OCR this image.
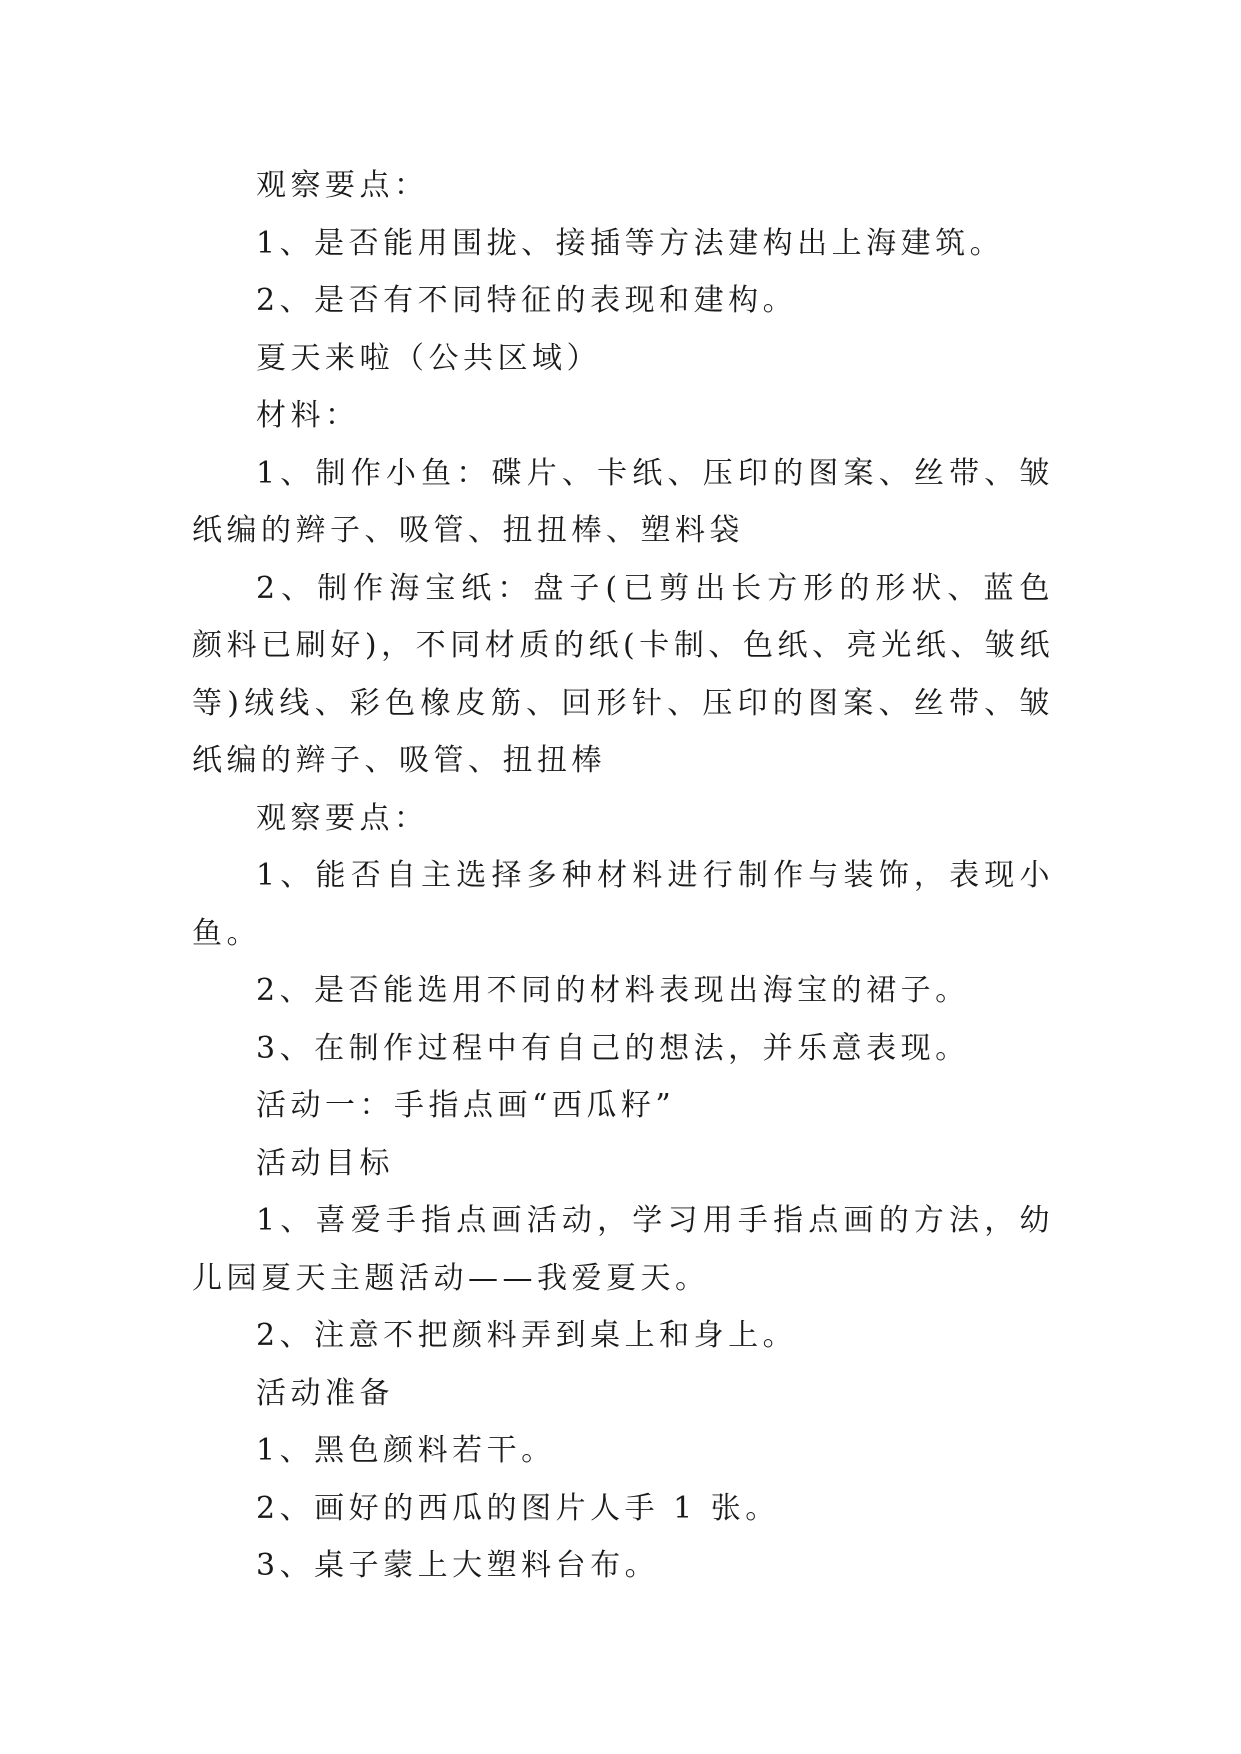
观察要点：

1、是否能用围拢、接插等方法建构出上海建筑。

2、是否有不同特征的表现和建构。

夏天来啦（公共区域）

材料：

1、制作小鱼：碟片、卡纸、压印的图案、丝带、皱纸编的辫子、吸管、扭扭棒、塑料袋

2、制作海宝纸：盘子(已剪出长方形的形状、蓝色颜料已刷好)，不同材质的纸(卡制、色纸、亮光纸、皱纸等)绒线、彩色橡皮筋、回形针、压印的图案、丝带、皱纸编的辫子、吸管、扭扭棒

观察要点：

1、能否自主选择多种材料进行制作与装饰，表现小鱼。

2、是否能选用不同的材料表现出海宝的裙子。

3、在制作过程中有自己的想法，并乐意表现。

活动一：手指点画“西瓜籽”

活动目标

1、喜爱手指点画活动，学习用手指点画的方法，幼儿园夏天主题活动——我爱夏天。

2、注意不把颜料弄到桌上和身上。

活动准备

1、黑色颜料若干。

2、画好的西瓜的图片人手 1 张。

3、桌子蒙上大塑料台布。
